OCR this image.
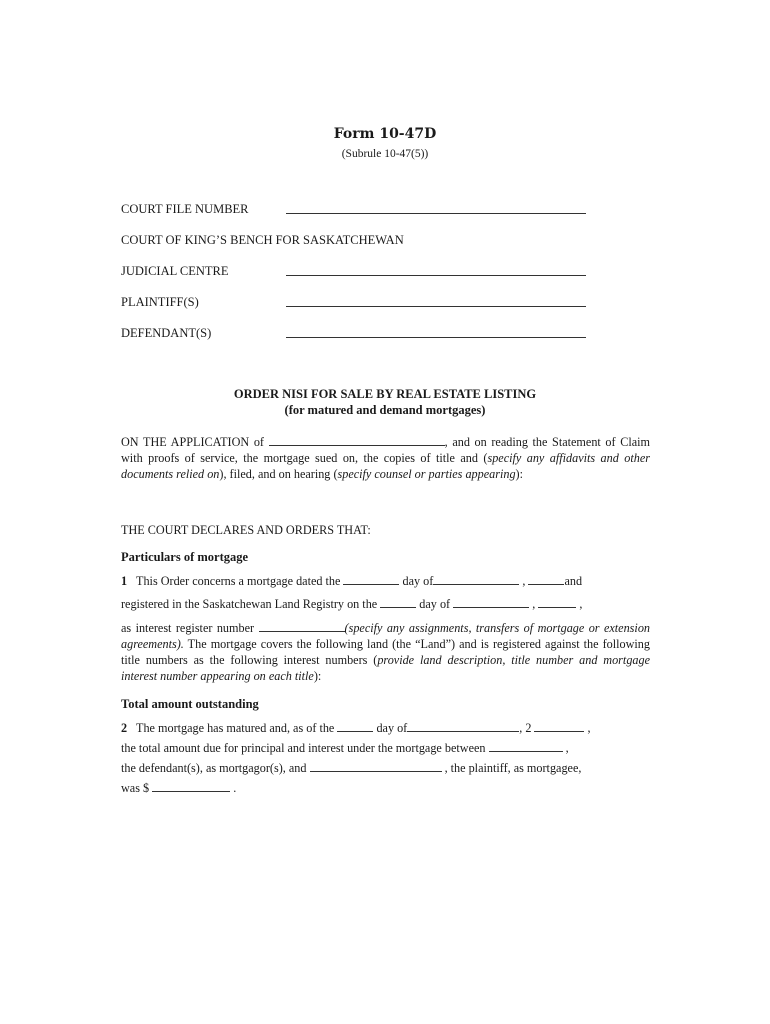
Form 10-47D
(Subrule 10-47(5))
COURT FILE NUMBER
COURT OF KING’S BENCH FOR SASKATCHEWAN
JUDICIAL CENTRE
PLAINTIFF(S)
DEFENDANT(S)
ORDER NISI FOR SALE BY REAL ESTATE LISTING
(for matured and demand mortgages)
ON THE APPLICATION of	, and on reading the Statement of Claim with proofs of service, the mortgage sued on, the copies of title and (specify any affidavits and other documents relied on), filed, and on hearing (specify counsel or parties appearing):
THE COURT DECLARES AND ORDERS THAT:
Particulars of mortgage
1 This Order concerns a mortgage dated the	day of	,	and
registered in the Saskatchewan Land Registry on the	day of	,	,
as interest register number	(specify any assignments, transfers of mortgage or extension agreements). The mortgage covers the following land (the “Land”) and is registered against the following title numbers as the following interest numbers (provide land description, title number and mortgage interest number appearing on each title):
Total amount outstanding
2 The mortgage has matured and, as of the	day of	, 2	,
the total amount due for principal and interest under the mortgage between	,
the defendant(s), as mortgagor(s), and	, the plaintiff, as mortgagee,
was $	.
